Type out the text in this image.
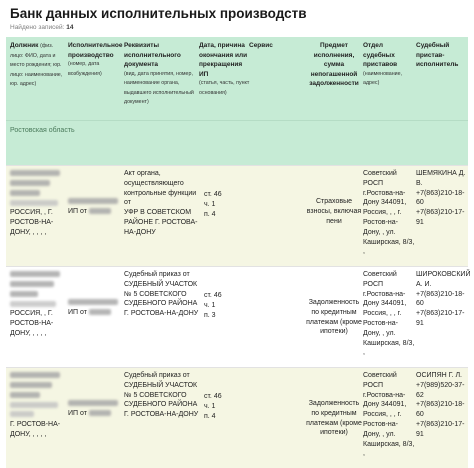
Банк данных исполнительных производств
Найдено записей: 14
Должник (физ. лицо: ФИО, дата и место рождения; юр. лицо: наименование, юр. адрес)
Исполнительное производство
(номер, дата возбуждения)
Реквизиты исполнительного документа
(вид, дата принятия, номер, наименование органа, выдавшего исполнительный документ)
Дата, причина окончания или прекращения ИП
(статья, часть, пункт основания)
Сервис	Предмет исполнения, сумма непогашенной задолженности
Отдел судебных приставов
(наименование, адрес)
Судебный пристав-исполнитель
Ростовская область

РОССИЯ, , Г. РОСТОВ-НА-ДОНУ, , , , ,

ИП от
Акт органа, осуществляющего контрольные функции от
УФР В СОВЕТСКОМ РАЙОНЕ Г. РОСТОВА-НА-ДОНУ
ст. 46
ч. 1
п. 4
Страховые взносы, включая пени
Советский РОСП г.Ростова-на-Дону 344091, Россия, , , г. Ростов-на-Дону, , ул. Каширская, 8/3, ,
ШЕМЯКИНА Д. В.
+7(863)210-18-60
+7(863)210-17-91

РОССИЯ, , Г. РОСТОВ-НА-ДОНУ, , , , ,

ИП от
Судебный приказ от
СУДЕБНЫЙ УЧАСТОК № 5 СОВЕТСКОГО СУДЕБНОГО РАЙОНА Г. РОСТОВА-НА-ДОНУ
ст. 46
ч. 1
п. 3
Задолженность по кредитным платежам (кроме ипотеки)
Советский РОСП г.Ростова-на-Дону 344091, Россия, , , г. Ростов-на-Дону, , ул. Каширская, 8/3, ,
ШИРОКОВСКИЙ А. И.
+7(863)210-18-60
+7(863)210-17-91

Г. РОСТОВ-НА-ДОНУ, , , , ,

ИП от
Судебный приказ от
СУДЕБНЫЙ УЧАСТОК № 5 СОВЕТСКОГО СУДЕБНОГО РАЙОНА Г. РОСТОВА-НА-ДОНУ
ст. 46
ч. 1
п. 4
Задолженность по кредитным платежам (кроме ипотеки)
Советский РОСП г.Ростова-на-Дону 344091, Россия, , , г. Ростов-на-Дону, , ул. Каширская, 8/3, ,
ОСИПЯН Г. Л.
+7(989)520-37-62
+7(863)210-18-60
+7(863)210-17-91
